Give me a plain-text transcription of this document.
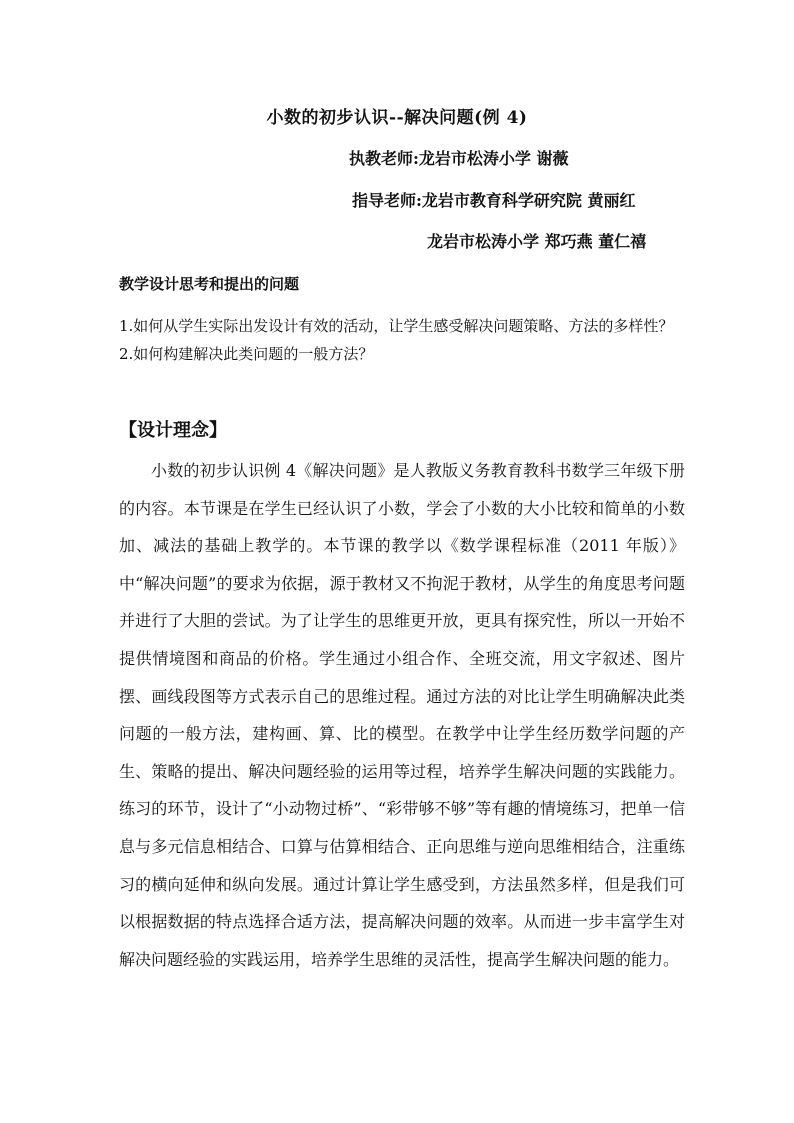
小数的初步认识--解决问题(例 4)

执教老师:龙岩市松涛小学 谢薇

指导老师:龙岩市教育科学研究院 黄丽红

龙岩市松涛小学 郑巧燕 董仁禧

教学设计思考和提出的问题
1.如何从学生实际出发设计有效的活动，让学生感受解决问题策略、方法的多样性？
2.如何构建解决此类问题的一般方法？
【设计理念】

小数的初步认识例 4《解决问题》是人教版义务教育教科书数学三年级下册的内容。本节课是在学生已经认识了小数，学会了小数的大小比较和简单的小数加、减法的基础上教学的。本节课的教学以《数学课程标准（2011 年版）》中“解决问题”的要求为依据，源于教材又不拘泥于教材，从学生的角度思考问题并进行了大胆的尝试。为了让学生的思维更开放，更具有探究性，所以一开始不提供情境图和商品的价格。学生通过小组合作、全班交流，用文字叙述、图片摆、画线段图等方式表示自己的思维过程。通过方法的对比让学生明确解决此类问题的一般方法，建构画、算、比的模型。在教学中让学生经历数学问题的产生、策略的提出、解决问题经验的运用等过程，培养学生解决问题的实践能力。练习的环节，设计了“小动物过桥”、“彩带够不够”等有趣的情境练习，把单一信息与多元信息相结合、口算与估算相结合、正向思维与逆向思维相结合，注重练习的横向延伸和纵向发展。通过计算让学生感受到，方法虽然多样，但是我们可以根据数据的特点选择合适方法，提高解决问题的效率。从而进一步丰富学生对解决问题经验的实践运用，培养学生思维的灵活性，提高学生解决问题的能力。
